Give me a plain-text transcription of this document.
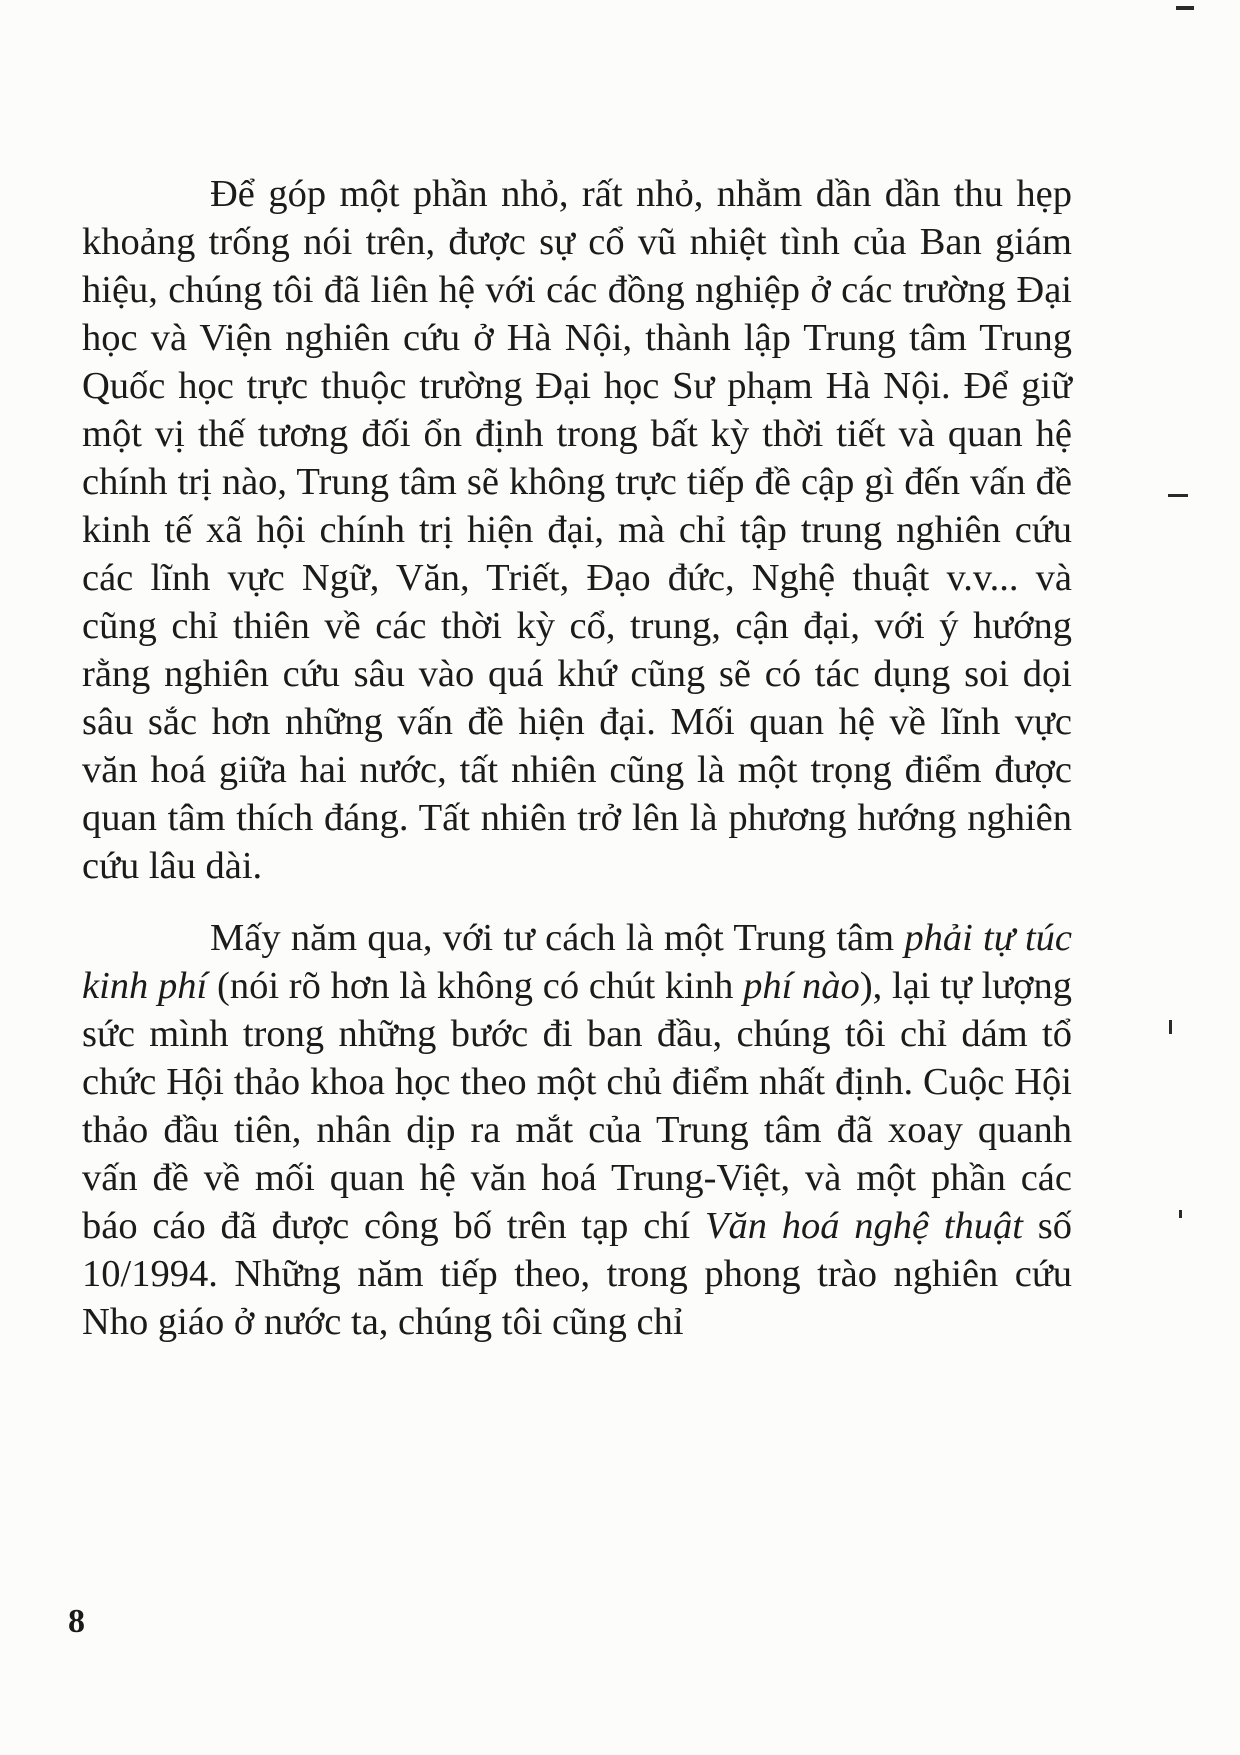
Để góp một phần nhỏ, rất nhỏ, nhằm dần dần thu hẹp khoảng trống nói trên, được sự cổ vũ nhiệt tình của Ban giám hiệu, chúng tôi đã liên hệ với các đồng nghiệp ở các trường Đại học và Viện nghiên cứu ở Hà Nội, thành lập Trung tâm Trung Quốc học trực thuộc trường Đại học Sư phạm Hà Nội. Để giữ một vị thế tương đối ổn định trong bất kỳ thời tiết và quan hệ chính trị nào, Trung tâm sẽ không trực tiếp đề cập gì đến vấn đề kinh tế xã hội chính trị hiện đại, mà chỉ tập trung nghiên cứu các lĩnh vực Ngữ, Văn, Triết, Đạo đức, Nghệ thuật v.v... và cũng chỉ thiên về các thời kỳ cổ, trung, cận đại, với ý hướng rằng nghiên cứu sâu vào quá khứ cũng sẽ có tác dụng soi dọi sâu sắc hơn những vấn đề hiện đại. Mối quan hệ về lĩnh vực văn hoá giữa hai nước, tất nhiên cũng là một trọng điểm được quan tâm thích đáng. Tất nhiên trở lên là phương hướng nghiên cứu lâu dài.

Mấy năm qua, với tư cách là một Trung tâm phải tự túc kinh phí (nói rõ hơn là không có chút kinh phí nào), lại tự lượng sức mình trong những bước đi ban đầu, chúng tôi chỉ dám tổ chức Hội thảo khoa học theo một chủ điểm nhất định. Cuộc Hội thảo đầu tiên, nhân dịp ra mắt của Trung tâm đã xoay quanh vấn đề về mối quan hệ văn hoá Trung-Việt, và một phần các báo cáo đã được công bố trên tạp chí Văn hoá nghệ thuật số 10/1994. Những năm tiếp theo, trong phong trào nghiên cứu Nho giáo ở nước ta, chúng tôi cũng chỉ

8
